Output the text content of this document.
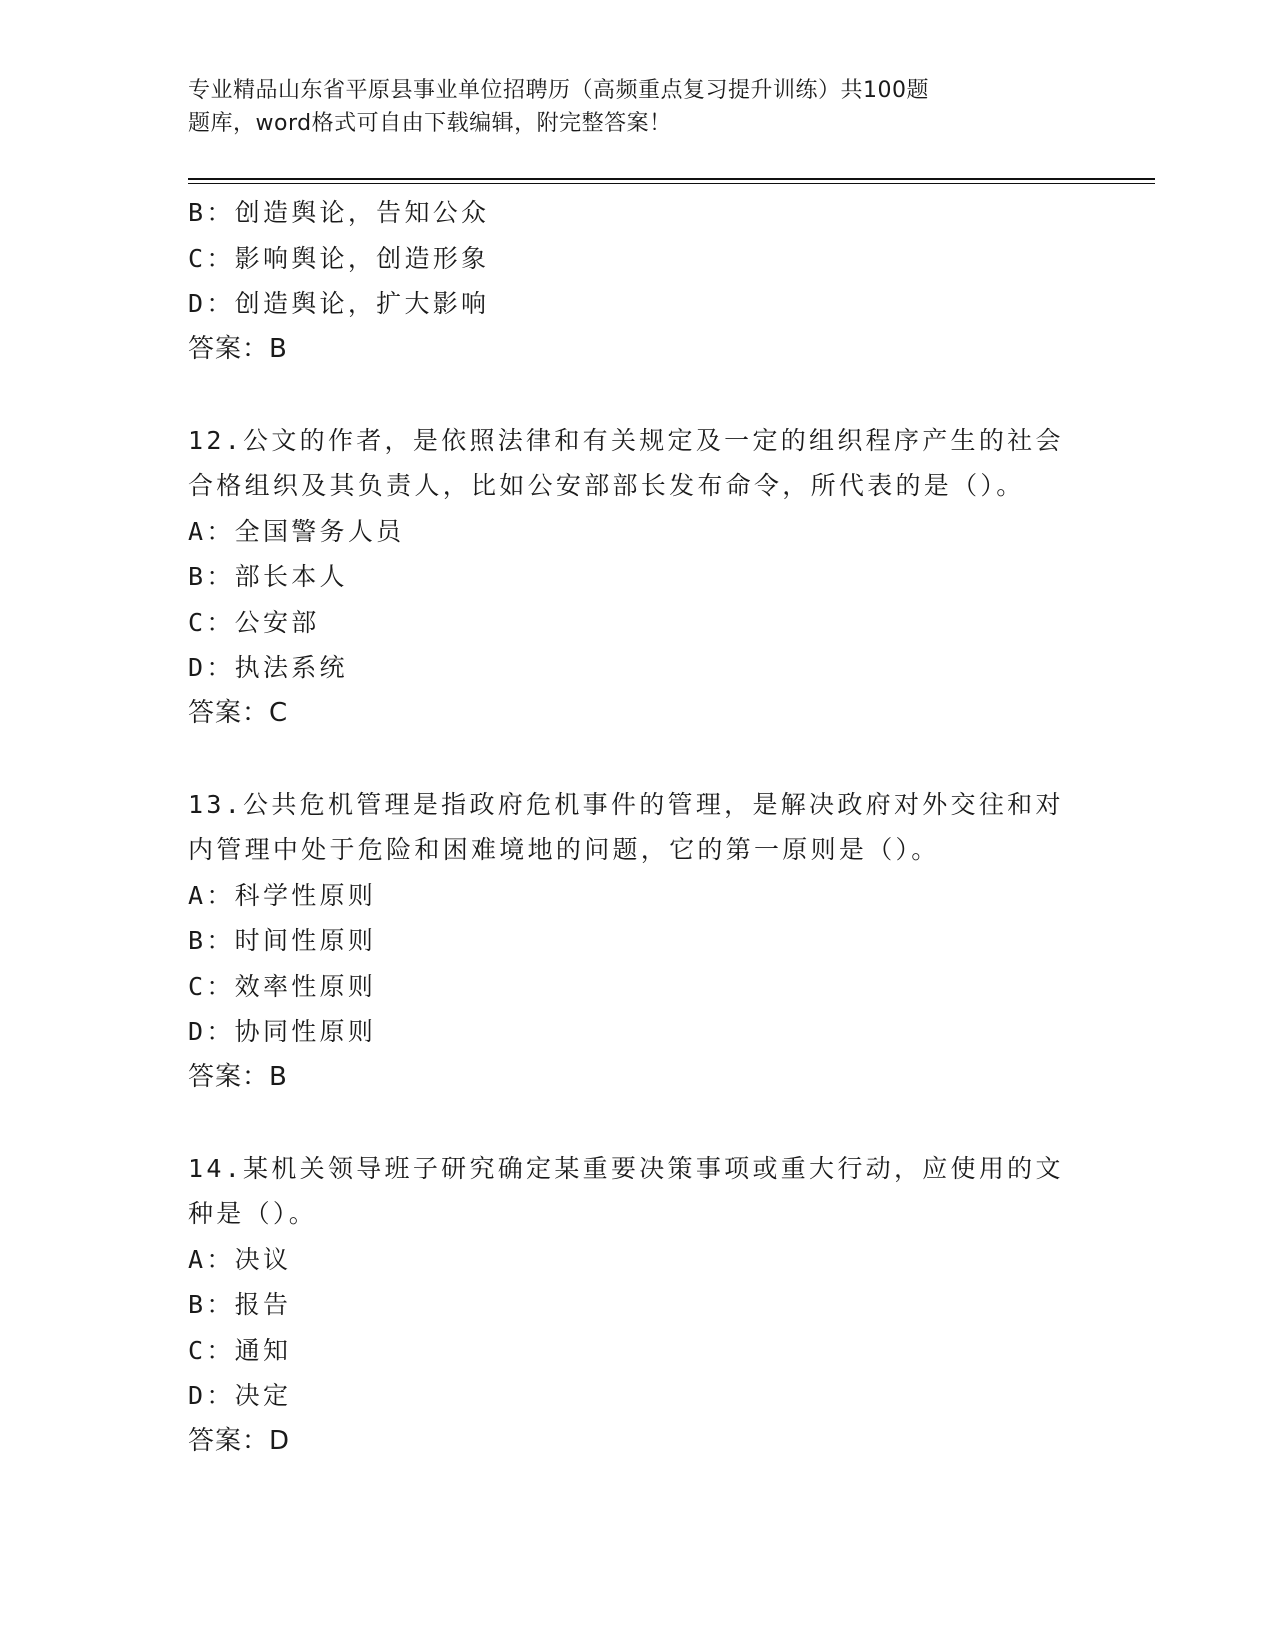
专业精品山东省平原县事业单位招聘历（高频重点复习提升训练）共100题
题库，word格式可自由下载编辑，附完整答案！
B：创造舆论，告知公众
C：影响舆论，创造形象
D：创造舆论，扩大影响
答案：B
12.公文的作者，是依照法律和有关规定及一定的组织程序产生的社会
合格组织及其负责人，比如公安部部长发布命令，所代表的是（）。
A：全国警务人员
B：部长本人
C：公安部
D：执法系统
答案：C
13.公共危机管理是指政府危机事件的管理，是解决政府对外交往和对
内管理中处于危险和困难境地的问题，它的第一原则是（）。
A：科学性原则
B：时间性原则
C：效率性原则
D：协同性原则
答案：B
14.某机关领导班子研究确定某重要决策事项或重大行动，应使用的文
种是（）。
A：决议
B：报告
C：通知
D：决定
答案：D
